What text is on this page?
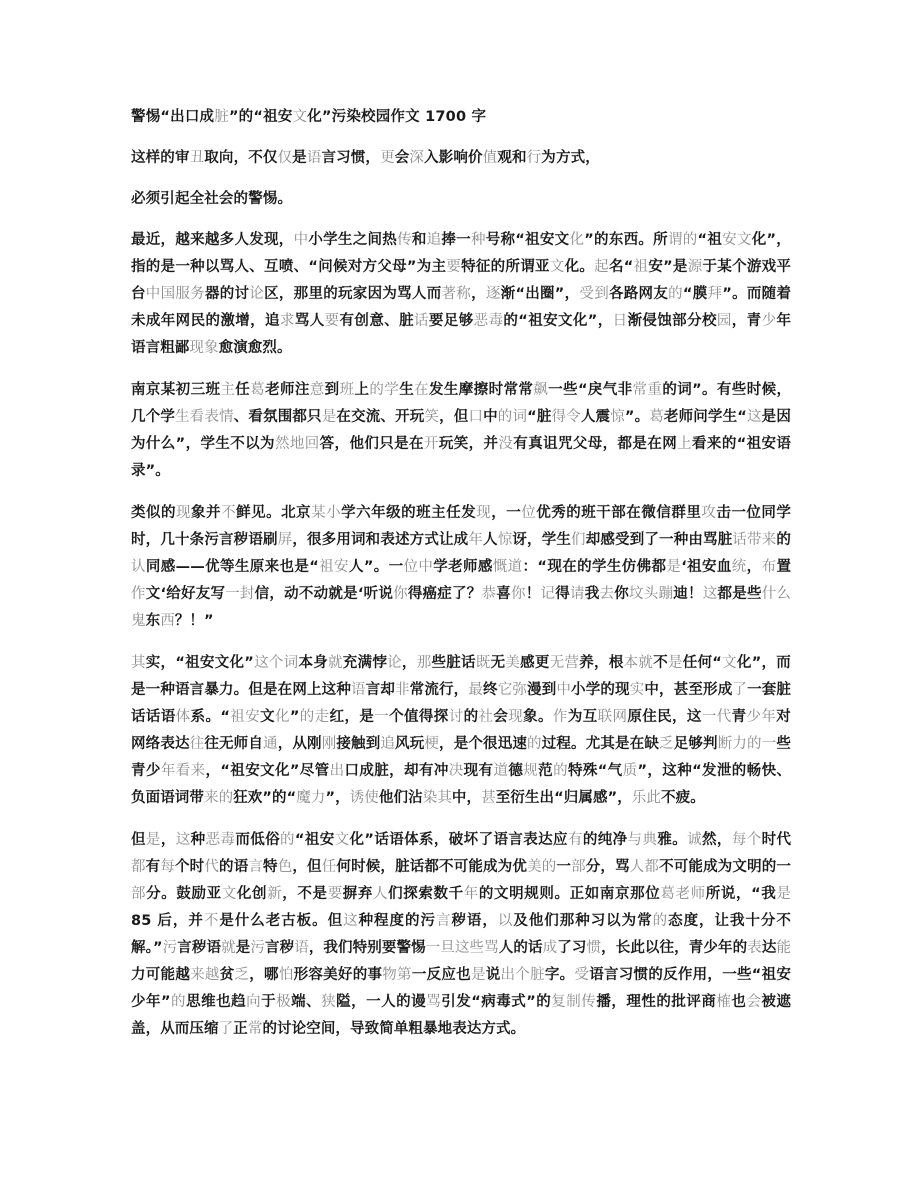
警惕“出口成脏”的“祖安文化”污染校园作文 1700 字

这样的审丑取向，不仅仅是语言习惯，更会深入影响价值观和行为方式，

必须引起全社会的警惕。

最近，越来越多人发现，中小学生之间热传和追捧一种号称“祖安文化”的东西。所谓的“祖安文化”，指的是一种以骂人、互喷、“问候对方父母”为主要特征的所谓亚文化。起名“祖安”是源于某个游戏平台中国服务器的讨论区，那里的玩家因为骂人而著称，逐渐“出圈”，受到各路网友的“膜拜”。而随着未成年网民的激增，追求骂人要有创意、脏话要足够恶毒的“祖安文化”，日渐侵蚀部分校园，青少年语言粗鄙现象愈演愈烈。

南京某初三班主任葛老师注意到班上的学生在发生摩擦时常常飙一些“戾气非常重的词”。有些时候，几个学生看表情、看氛围都只是在交流、开玩笑，但口中的词“脏得令人震惊”。葛老师问学生“这是因为什么”，学生不以为然地回答，他们只是在开玩笑，并没有真诅咒父母，都是在网上看来的“祖安语录”。

类似的现象并不鲜见。北京某小学六年级的班主任发现，一位优秀的班干部在微信群里攻击一位同学时，几十条污言秽语刷屏，很多用词和表述方式让成年人惊讶，学生们却感受到了一种由骂脏话带来的认同感——优等生原来也是“祖安人”。一位中学老师感慨道：“现在的学生仿佛都是‘祖安血统，布置作文‘给好友写一封信，动不动就是‘听说你得癌症了？恭喜你！记得请我去你坟头蹦迪！这都是些什么鬼东西？！”

其实，“祖安文化”这个词本身就充满悖论，那些脏话既无美感更无营养，根本就不是任何“文化”，而是一种语言暴力。但是在网上这种语言却非常流行，最终它弥漫到中小学的现实中，甚至形成了一套脏话话语体系。“祖安文化”的走红，是一个值得探讨的社会现象。作为互联网原住民，这一代青少年对网络表达往往无师自通，从刚刚接触到追风玩梗，是个很迅速的过程。尤其是在缺乏足够判断力的一些青少年看来，“祖安文化”尽管出口成脏，却有冲决现有道德规范的特殊“气质”，这种“发泄的畅快、负面语词带来的狂欢”的“魔力”，诱使他们沾染其中，甚至衍生出“归属感”，乐此不疲。

但是，这种恶毒而低俗的“祖安文化”话语体系，破坏了语言表达应有的纯净与典雅。诚然，每个时代都有每个时代的语言特色，但任何时候，脏话都不可能成为优美的一部分，骂人都不可能成为文明的一部分。鼓励亚文化创新，不是要摒弃人们探索数千年的文明规则。正如南京那位葛老师所说，“我是 85 后，并不是什么老古板。但这种程度的污言秽语，以及他们那种习以为常的态度，让我十分不解。”污言秽语就是污言秽语，我们特别要警惕一旦这些骂人的话成了习惯，长此以往，青少年的表达能力可能越来越贫乏，哪怕形容美好的事物第一反应也是说出个脏字。受语言习惯的反作用，一些“祖安少年”的思维也趋向于极端、狭隘，一人的谩骂引发“病毒式”的复制传播，理性的批评商榷也会被遮盖，从而压缩了正常的讨论空间，导致简单粗暴地表达方式。
